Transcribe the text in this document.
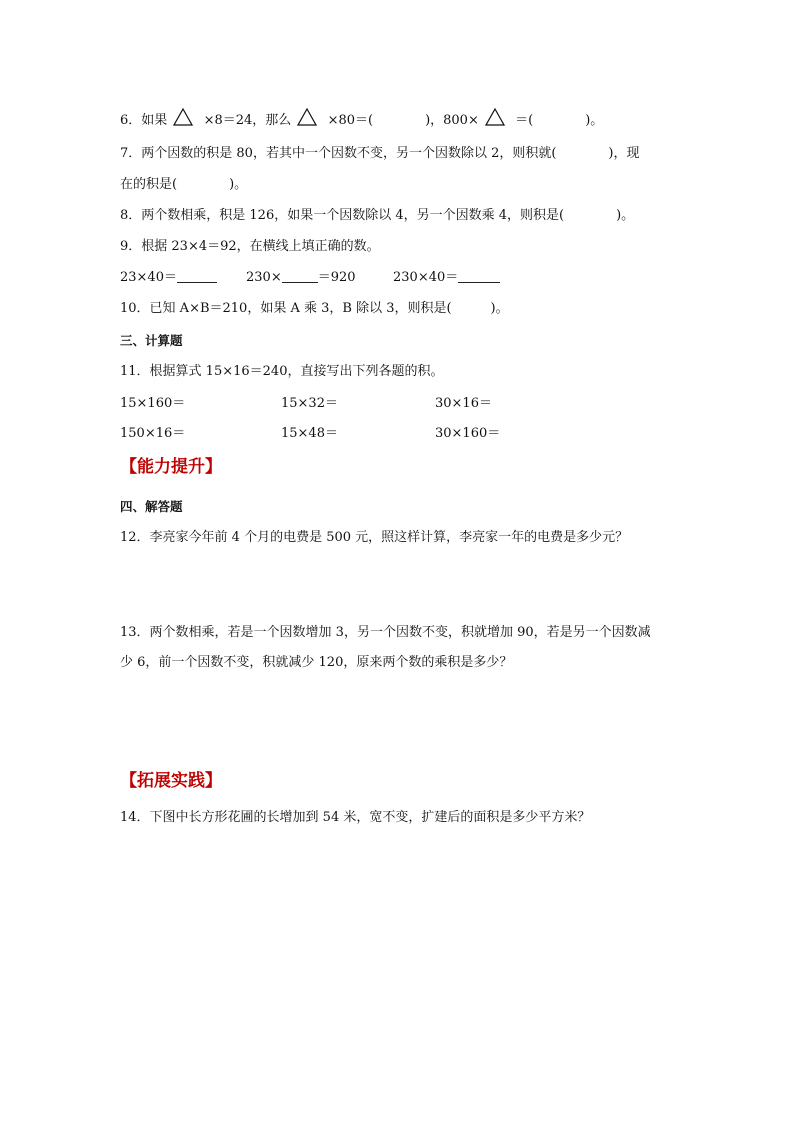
6．如果	×8＝24，那么	×80＝(　　　　)，800×	＝(　　　　)。
7．两个因数的积是 80，若其中一个因数不变，另一个因数除以 2，则积就(　　　　)，现
在的积是(　　　　)。
8．两个数相乘，积是 126，如果一个因数除以 4，另一个因数乘 4，则积是(　　　　)。
9．根据 23×4＝92，在横线上填正确的数。
23×40＝	230×	＝920	230×40＝
10．已知 A×B＝210，如果 A 乘 3，B 除以 3，则积是(　　　)。
三、计算题
11．根据算式 15×16＝240，直接写出下列各题的积。
15×160＝	15×32＝	30×16＝
150×16＝	15×48＝	30×160＝
【能力提升】
四、解答题
12．李亮家今年前 4 个月的电费是 500 元，照这样计算，李亮家一年的电费是多少元？
13．两个数相乘，若是一个因数增加 3，另一个因数不变，积就增加 90，若是另一个因数减
少 6，前一个因数不变，积就减少 120，原来两个数的乘积是多少？
【拓展实践】
14．下图中长方形花圃的长增加到 54 米，宽不变，扩建后的面积是多少平方米？
